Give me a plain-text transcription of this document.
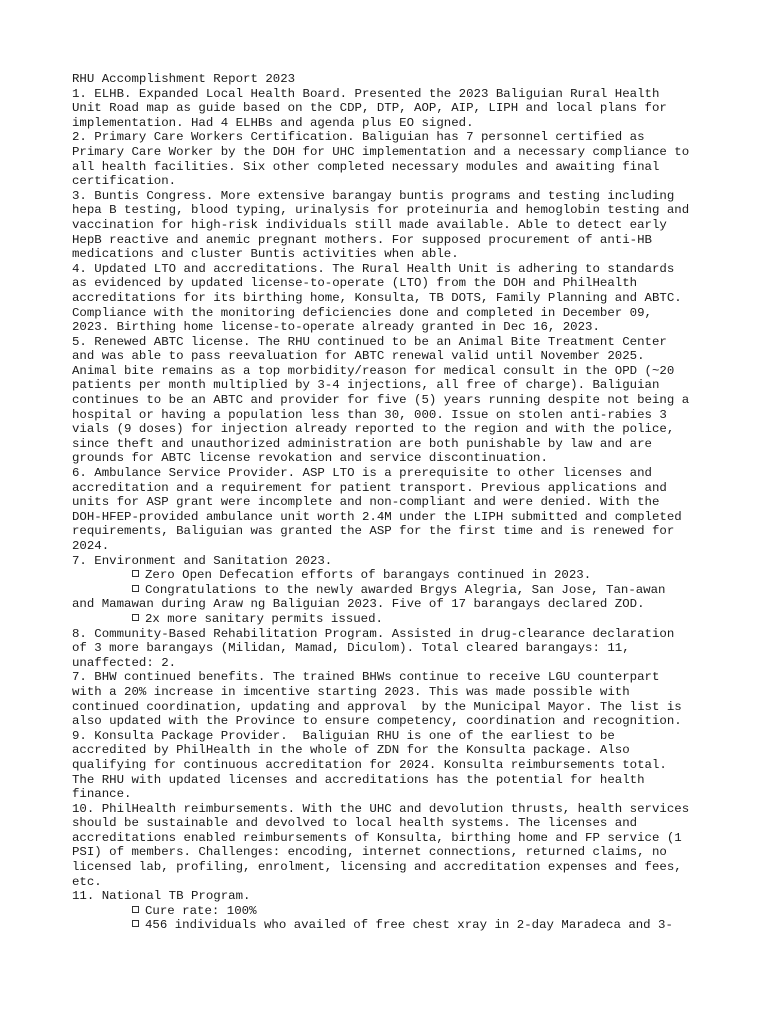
RHU Accomplishment Report 2023
1. ELHB. Expanded Local Health Board. Presented the 2023 Baliguian Rural Health
Unit Road map as guide based on the CDP, DTP, AOP, AIP, LIPH and local plans for
implementation. Had 4 ELHBs and agenda plus EO signed.
2. Primary Care Workers Certification. Baliguian has 7 personnel certified as
Primary Care Worker by the DOH for UHC implementation and a necessary compliance to
all health facilities. Six other completed necessary modules and awaiting final
certification.
3. Buntis Congress. More extensive barangay buntis programs and testing including
hepa B testing, blood typing, urinalysis for proteinuria and hemoglobin testing and
vaccination for high-risk individuals still made available. Able to detect early
HepB reactive and anemic pregnant mothers. For supposed procurement of anti-HB
medications and cluster Buntis activities when able.
4. Updated LTO and accreditations. The Rural Health Unit is adhering to standards
as evidenced by updated license-to-operate (LTO) from the DOH and PhilHealth
accreditations for its birthing home, Konsulta, TB DOTS, Family Planning and ABTC.
Compliance with the monitoring deficiencies done and completed in December 09,
2023. Birthing home license-to-operate already granted in Dec 16, 2023.
5. Renewed ABTC license. The RHU continued to be an Animal Bite Treatment Center
and was able to pass reevaluation for ABTC renewal valid until November 2025.
Animal bite remains as a top morbidity/reason for medical consult in the OPD (~20
patients per month multiplied by 3-4 injections, all free of charge). Baliguian
continues to be an ABTC and provider for five (5) years running despite not being a
hospital or having a population less than 30, 000. Issue on stolen anti-rabies 3
vials (9 doses) for injection already reported to the region and with the police,
since theft and unauthorized administration are both punishable by law and are
grounds for ABTC license revokation and service discontinuation.
6. Ambulance Service Provider. ASP LTO is a prerequisite to other licenses and
accreditation and a requirement for patient transport. Previous applications and
units for ASP grant were incomplete and non-compliant and were denied. With the
DOH-HFEP-provided ambulance unit worth 2.4M under the LIPH submitted and completed
requirements, Baliguian was granted the ASP for the first time and is renewed for
2024.
7. Environment and Sanitation 2023.
Zero Open Defecation efforts of barangays continued in 2023.
Congratulations to the newly awarded Brgys Alegria, San Jose, Tan-awan
and Mamawan during Araw ng Baliguian 2023. Five of 17 barangays declared ZOD.
2x more sanitary permits issued.
8. Community-Based Rehabilitation Program. Assisted in drug-clearance declaration
of 3 more barangays (Milidan, Mamad, Diculom). Total cleared barangays: 11,
unaffected: 2.
7. BHW continued benefits. The trained BHWs continue to receive LGU counterpart
with a 20% increase in imcentive starting 2023. This was made possible with
continued coordination, updating and approval  by the Municipal Mayor. The list is
also updated with the Province to ensure competency, coordination and recognition.
9. Konsulta Package Provider.  Baliguian RHU is one of the earliest to be
accredited by PhilHealth in the whole of ZDN for the Konsulta package. Also
qualifying for continuous accreditation for 2024. Konsulta reimbursements total.
The RHU with updated licenses and accreditations has the potential for health
finance.
10. PhilHealth reimbursements. With the UHC and devolution thrusts, health services
should be sustainable and devolved to local health systems. The licenses and
accreditations enabled reimbursements of Konsulta, birthing home and FP service (1
PSI) of members. Challenges: encoding, internet connections, returned claims, no
licensed lab, profiling, enrolment, licensing and accreditation expenses and fees,
etc.
11. National TB Program.
Cure rate: 100%
456 individuals who availed of free chest xray in 2-day Maradeca and 3-
